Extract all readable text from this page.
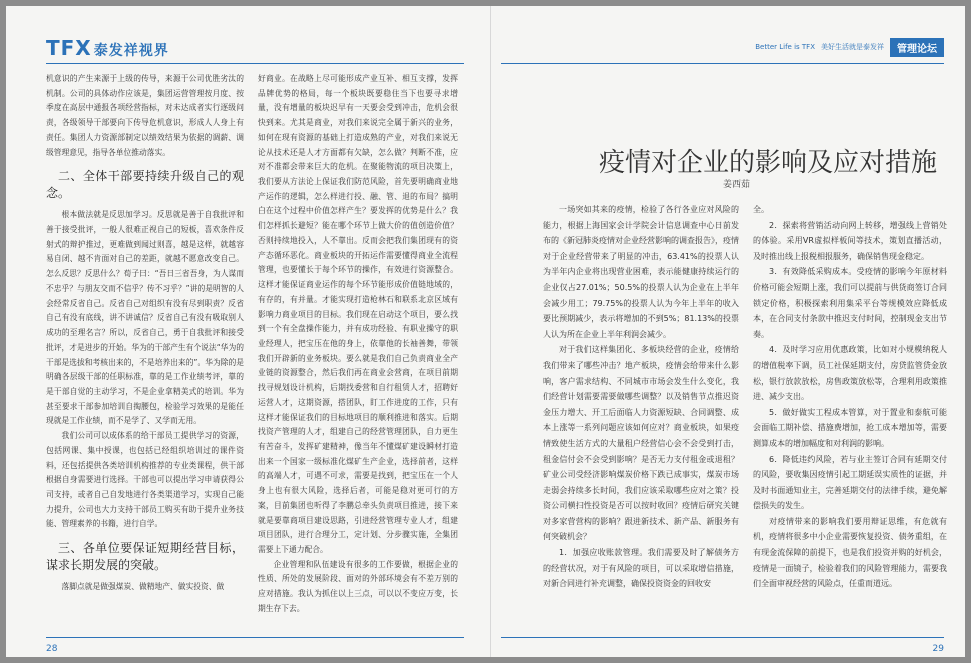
TFX 泰发祥视界

机意识的产生来源于上级的传导，来源于公司优胜劣汰的机制。公司的具体动作应该是，集团运营管理按月度、按季度在高层中通报各项经营指标，对未达成者实行逐级问责，各级领导干部要向下传导危机意识，形成人人身上有责任。集团人力资源部制定以绩效结果为依据的调薪、调级管理意见，指导各单位推动落实。

二、全体干部要持续升级自己的观念。

根本做法就是反思加学习。反思就是善于自我批评和善于接受批评，一般人很难正视自己的短板，喜欢条件反射式的辩护推过，更难做到闻过则喜，越是这样，就越容易自闭、越不肯面对自己的差距，就越不愿意改变自己。怎么反思？反思什么？荀子曰：“吾日三省吾身，为人谋而不忠乎？与朋友交而不信乎？传不习乎？”讲的是明智的人会经常反省自己。反省自己对组织有没有尽到职责？反省自己有没有底线，讲不讲诚信？反省自己有没有吸取别人成功的至理名言？所以，反省自己，勇于自我批评和接受批评，才是进步的开始。华为的干部产生有个说法“华为的干部是选拔和考核出来的，不是培养出来的”。华为除的是明确各层级干部的任职标准，靠的是工作业绩考评，靠的是干部自觉的主动学习，不是企业拿精美式的培训。华为甚至要求干部参加培训自掏腰包，检验学习效果的是能任现就是工作业绩，而不是学了、又学而无用。

我们公司可以成体系的给干部员工提供学习的资源，包括网课、集中授课，也包括已经组织培训过的课件资料，还包括提供各类培训机构推荐的专业类课程，供干部根据自身需要进行选择。干部也可以提出学习申请获得公司支持，或者自己自发地进行各类渠道学习，实现自己能力提升，公司也大力支持干部员工购买有助于提升业务技能、管理素养的书籍，进行自学。

三、各单位要保证短期经营目标，谋求长期发展的突破。

落脚点就是做强煤炭、做精地产、做实投资、做

好商业。在战略上尽可能形成产业互补、相互支撑，发挥品牌优势的格局，每一个板块既要稳住当下也要寻求增量，没有增量的板块迟早有一天要会受到冲击，危机会很快到来。尤其是商业，对我们来说完全属于新兴的业务，如何在现有资源的基础上打造成熟的产业，对我们来说无论从技术还是人才方面都有欠缺，怎么做？判断不准，应对不准都会带来巨大的危机。在聚能物流的项目决策上，我们要从方法论上保证我们防范风险，首先要明确商业地产运作的逻辑，怎么样进行投、融、管、退的布局？搞明白在这个过程中价值怎样产生？要发挥的优势是什么？我们怎样抓长避短？能在哪个环节上做大价的值创造价值？否则持续地投入，人不靠出。反而会把我们集团现有的资产态循环恶化。商业板块的开拓运作需要懂得商业全流程管理，也要懂长于每个环节的操作，有效进行资源整合。这样才能保证商业运作的每个环节能形成价值链地域的，有存的，有并量。才能实现打造枪林石和联系北京区域有影响力商业项目的目标。我们现在启动这个项目，要么找到一个有全盘操作能力，并有成功经验、有职业操守的职业经理人，把宝压在他的身上，依靠他的长袖善舞，带领我们开辟新的业务板块。要么就是我们自己负责商业全产业链的资源整合，然后我们再在商业会营商，在项目前期找寻规划设计机构，后期找委营和自行租赁人才，招聘好运营人才，这期资源，搭团队，盯工作进度的工作，只有这样才能保证我们的目标地项目的顺利推进和落实。后期找资产管理的人才，组建自己的经营管理团队，自力更生有苦奋斗，发挥矿建精神，像当年不懂煤矿建设瞬材打造出来一个国家一级标准化煤矿生产企业，选择前者，这样的高端人才，可遇不可求，需要是找到，把宝压在一个人身上也有很大风险，选择后者，可能是稳对更可行的方案，目前集团也听得了李鹏总牵头负责项目推进，接下来就是要靠商项目建设思路，引进经营管理专业人才，组建项目团队，进行合理分工，定计划、分步骤实施，全集团需要上下通力配合。

企业管理和队伍建设有很多的工作要做，根据企业的性质、所处的发展阶段、面对的外部环境会有不差万别的应对措施。我认为抓住以上三点，可以以不变应万变，长期生存下去。

28
Better Life is TFX 美好生活就是泰发祥	管理论坛
疫情对企业的影响及应对措施
姜西茹

一场突如其来的疫情，检验了各行各业应对风险的能力，根据上海国家会计学院会计信息调查中心日前发布的《新冠肺炎疫情对企业经营影响的调查报告》，疫情对于企业经营带来了明显的冲击，63.41%的投票人认为半年内企业将出现营业困难，表示能健康持续运行的企业仅占27.01%；50.5%的投票人认为企业在上半年会减少用工；79.75%的投票人认为今年上半年的收入要比预期减少，表示将增加的不到5%；81.13%的投票人认为所在企业上半年利润会减少。

对于我们这样集团化、多板块经营的企业，疫情给我们带来了哪些冲击？地产板块，疫情会给带来什么影响，客户需求结构、不同城市市场会发生什么变化，我们经营计划需要需要做哪些调整？以及销售节点推迟资金压力增大、开工后面临人力资源短缺、合同调整、成本上涨等一系列问题应该如何应对？商业板块，如果疫情致使生活方式的大量租户经营信心会不会受到打击，租金信付会不会受到影响？是否无力支付租金或退租？矿业公司受经济影响煤炭价格下跌已成事实，煤炭市场走弱会持续多长时间，我们应该采取哪些应对之策？投资公司横扫性投资是否可以按时收回？疫情后研究关键对多家营营构的影响？跟进新技术、新产品、新服务有何突破机会？

1．加强应收账款管理。我们需要及时了解债务方的经营状况，对于有风险的项目，可以采取增信措施，对新合同进行补充调整，确保投资资金的回收安

全。

2．探索将营销活动向网上转移，增强线上营销处的体验。采用VR虚拟样板间等技术，策划直播活动，及时推出线上报税相报服务，确保销售现金稳定。

3．有效降低采购成本。受疫情的影响今年原材料价格可能会短期上涨，我们可以提前与供货商签订合同锁定价格，积极探索利用集采平台等规模效应降低成本，在合同支付条款中推迟支付时间，控制现金支出节奏。

4．及时学习应用优惠政策，比如对小规模纳税人的增值税率下调，员工社保延期支付，房贷监管贷金放松，银行放款放松，房售政策放松等，合理利用政策推进、减少支出。

5．做好做实工程成本管算，对于置业和泰航可能会面临工期补偿、措施费增加，抢工成本增加等，需要测算成本的增加幅度和对利润的影响。

6．降低违约风险，若与业主签订合同有延期交付的风险，要收集因疫情引起工期延误实质性的证据，并及时书面通知业主，完善延期交付的法律手续，避免解偿损失的发生。

对疫情带来的影响我们要用辩证思维，有危就有机，疫情将很多中小企业需要恢复投资、债务重组，在有现金流保障的前提下，也是我们投资并购的好机会，疫情是一面镜子，检验着我们的风险管理能力，需要我们全面审视经营的风险点，任重而道远。

29
